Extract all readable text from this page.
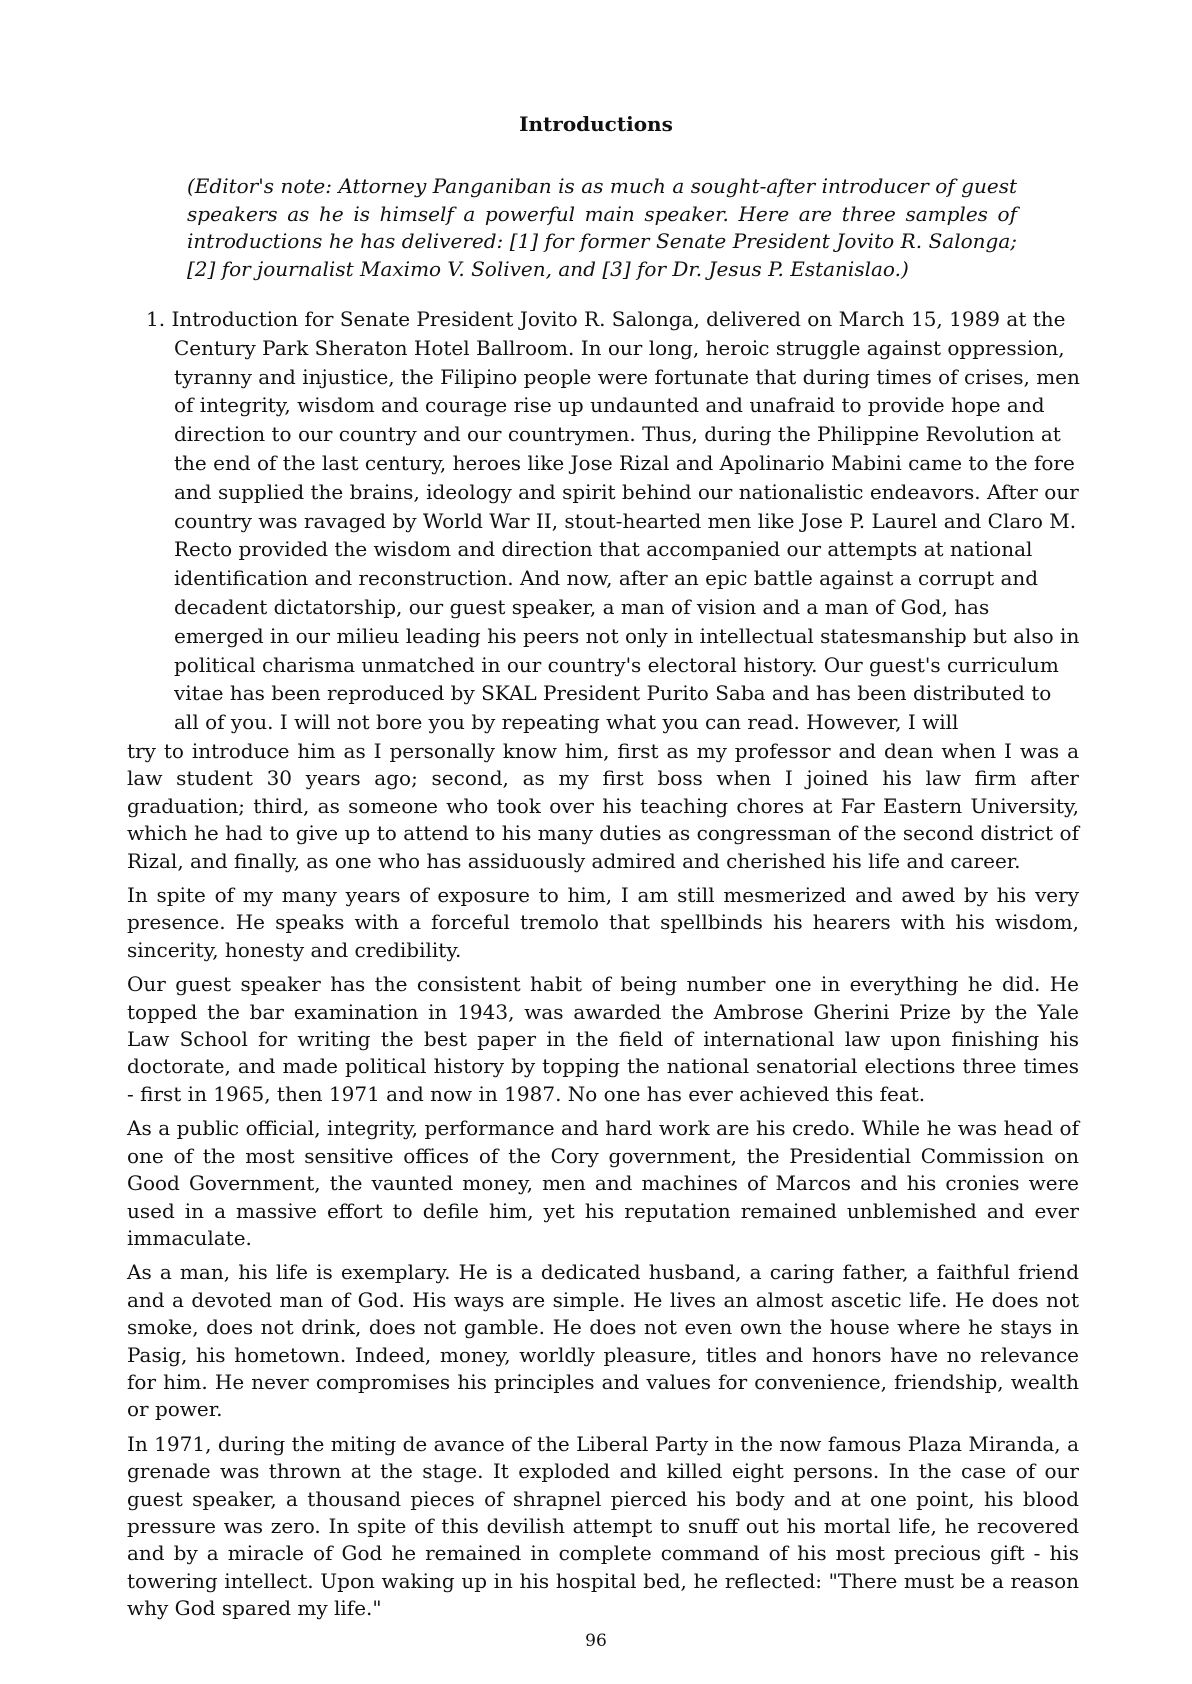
Introductions
(Editor's note: Attorney Panganiban is as much a sought-after introducer of guest speakers as he is himself a powerful main speaker. Here are three samples of introductions he has delivered: [1] for former Senate President Jovito R. Salonga; [2] for journalist Maximo V. Soliven, and [3] for Dr. Jesus P. Estanislao.)
1. Introduction for Senate President Jovito R. Salonga, delivered on March 15, 1989 at the Century Park Sheraton Hotel Ballroom. In our long, heroic struggle against oppression, tyranny and injustice, the Filipino people were fortunate that during times of crises, men of integrity, wisdom and courage rise up undaunted and unafraid to provide hope and direction to our country and our countrymen. Thus, during the Philippine Revolution at the end of the last century, heroes like Jose Rizal and Apolinario Mabini came to the fore and supplied the brains, ideology and spirit behind our nationalistic endeavors. After our country was ravaged by World War II, stout-hearted men like Jose P. Laurel and Claro M. Recto provided the wisdom and direction that accompanied our attempts at national identification and reconstruction. And now, after an epic battle against a corrupt and decadent dictatorship, our guest speaker, a man of vision and a man of God, has emerged in our milieu leading his peers not only in intellectual statesmanship but also in political charisma unmatched in our country's electoral history. Our guest's curriculum vitae has been reproduced by SKAL President Purito Saba and has been distributed to all of you. I will not bore you by repeating what you can read. However, I will

try to introduce him as I personally know him, first as my professor and dean when I was a law student 30 years ago; second, as my first boss when I joined his law firm after graduation; third, as someone who took over his teaching chores at Far Eastern University, which he had to give up to attend to his many duties as congressman of the second district of Rizal, and finally, as one who has assiduously admired and cherished his life and career.

In spite of my many years of exposure to him, I am still mesmerized and awed by his very presence. He speaks with a forceful tremolo that spellbinds his hearers with his wisdom, sincerity, honesty and credibility.

Our guest speaker has the consistent habit of being number one in everything he did. He topped the bar examination in 1943, was awarded the Ambrose Gherini Prize by the Yale Law School for writing the best paper in the field of international law upon finishing his doctorate, and made political history by topping the national senatorial elections three times - first in 1965, then 1971 and now in 1987. No one has ever achieved this feat.

As a public official, integrity, performance and hard work are his credo. While he was head of one of the most sensitive offices of the Cory government, the Presidential Commission on Good Government, the vaunted money, men and machines of Marcos and his cronies were used in a massive effort to defile him, yet his reputation remained unblemished and ever immaculate.

As a man, his life is exemplary. He is a dedicated husband, a caring father, a faithful friend and a devoted man of God. His ways are simple. He lives an almost ascetic life. He does not smoke, does not drink, does not gamble. He does not even own the house where he stays in Pasig, his hometown. Indeed, money, worldly pleasure, titles and honors have no relevance for him. He never compromises his principles and values for convenience, friendship, wealth or power.

In 1971, during the miting de avance of the Liberal Party in the now famous Plaza Miranda, a grenade was thrown at the stage. It exploded and killed eight persons. In the case of our guest speaker, a thousand pieces of shrapnel pierced his body and at one point, his blood pressure was zero. In spite of this devilish attempt to snuff out his mortal life, he recovered and by a miracle of God he remained in complete command of his most precious gift - his towering intellect. Upon waking up in his hospital bed, he reflected: "There must be a reason why God spared my life."

96
